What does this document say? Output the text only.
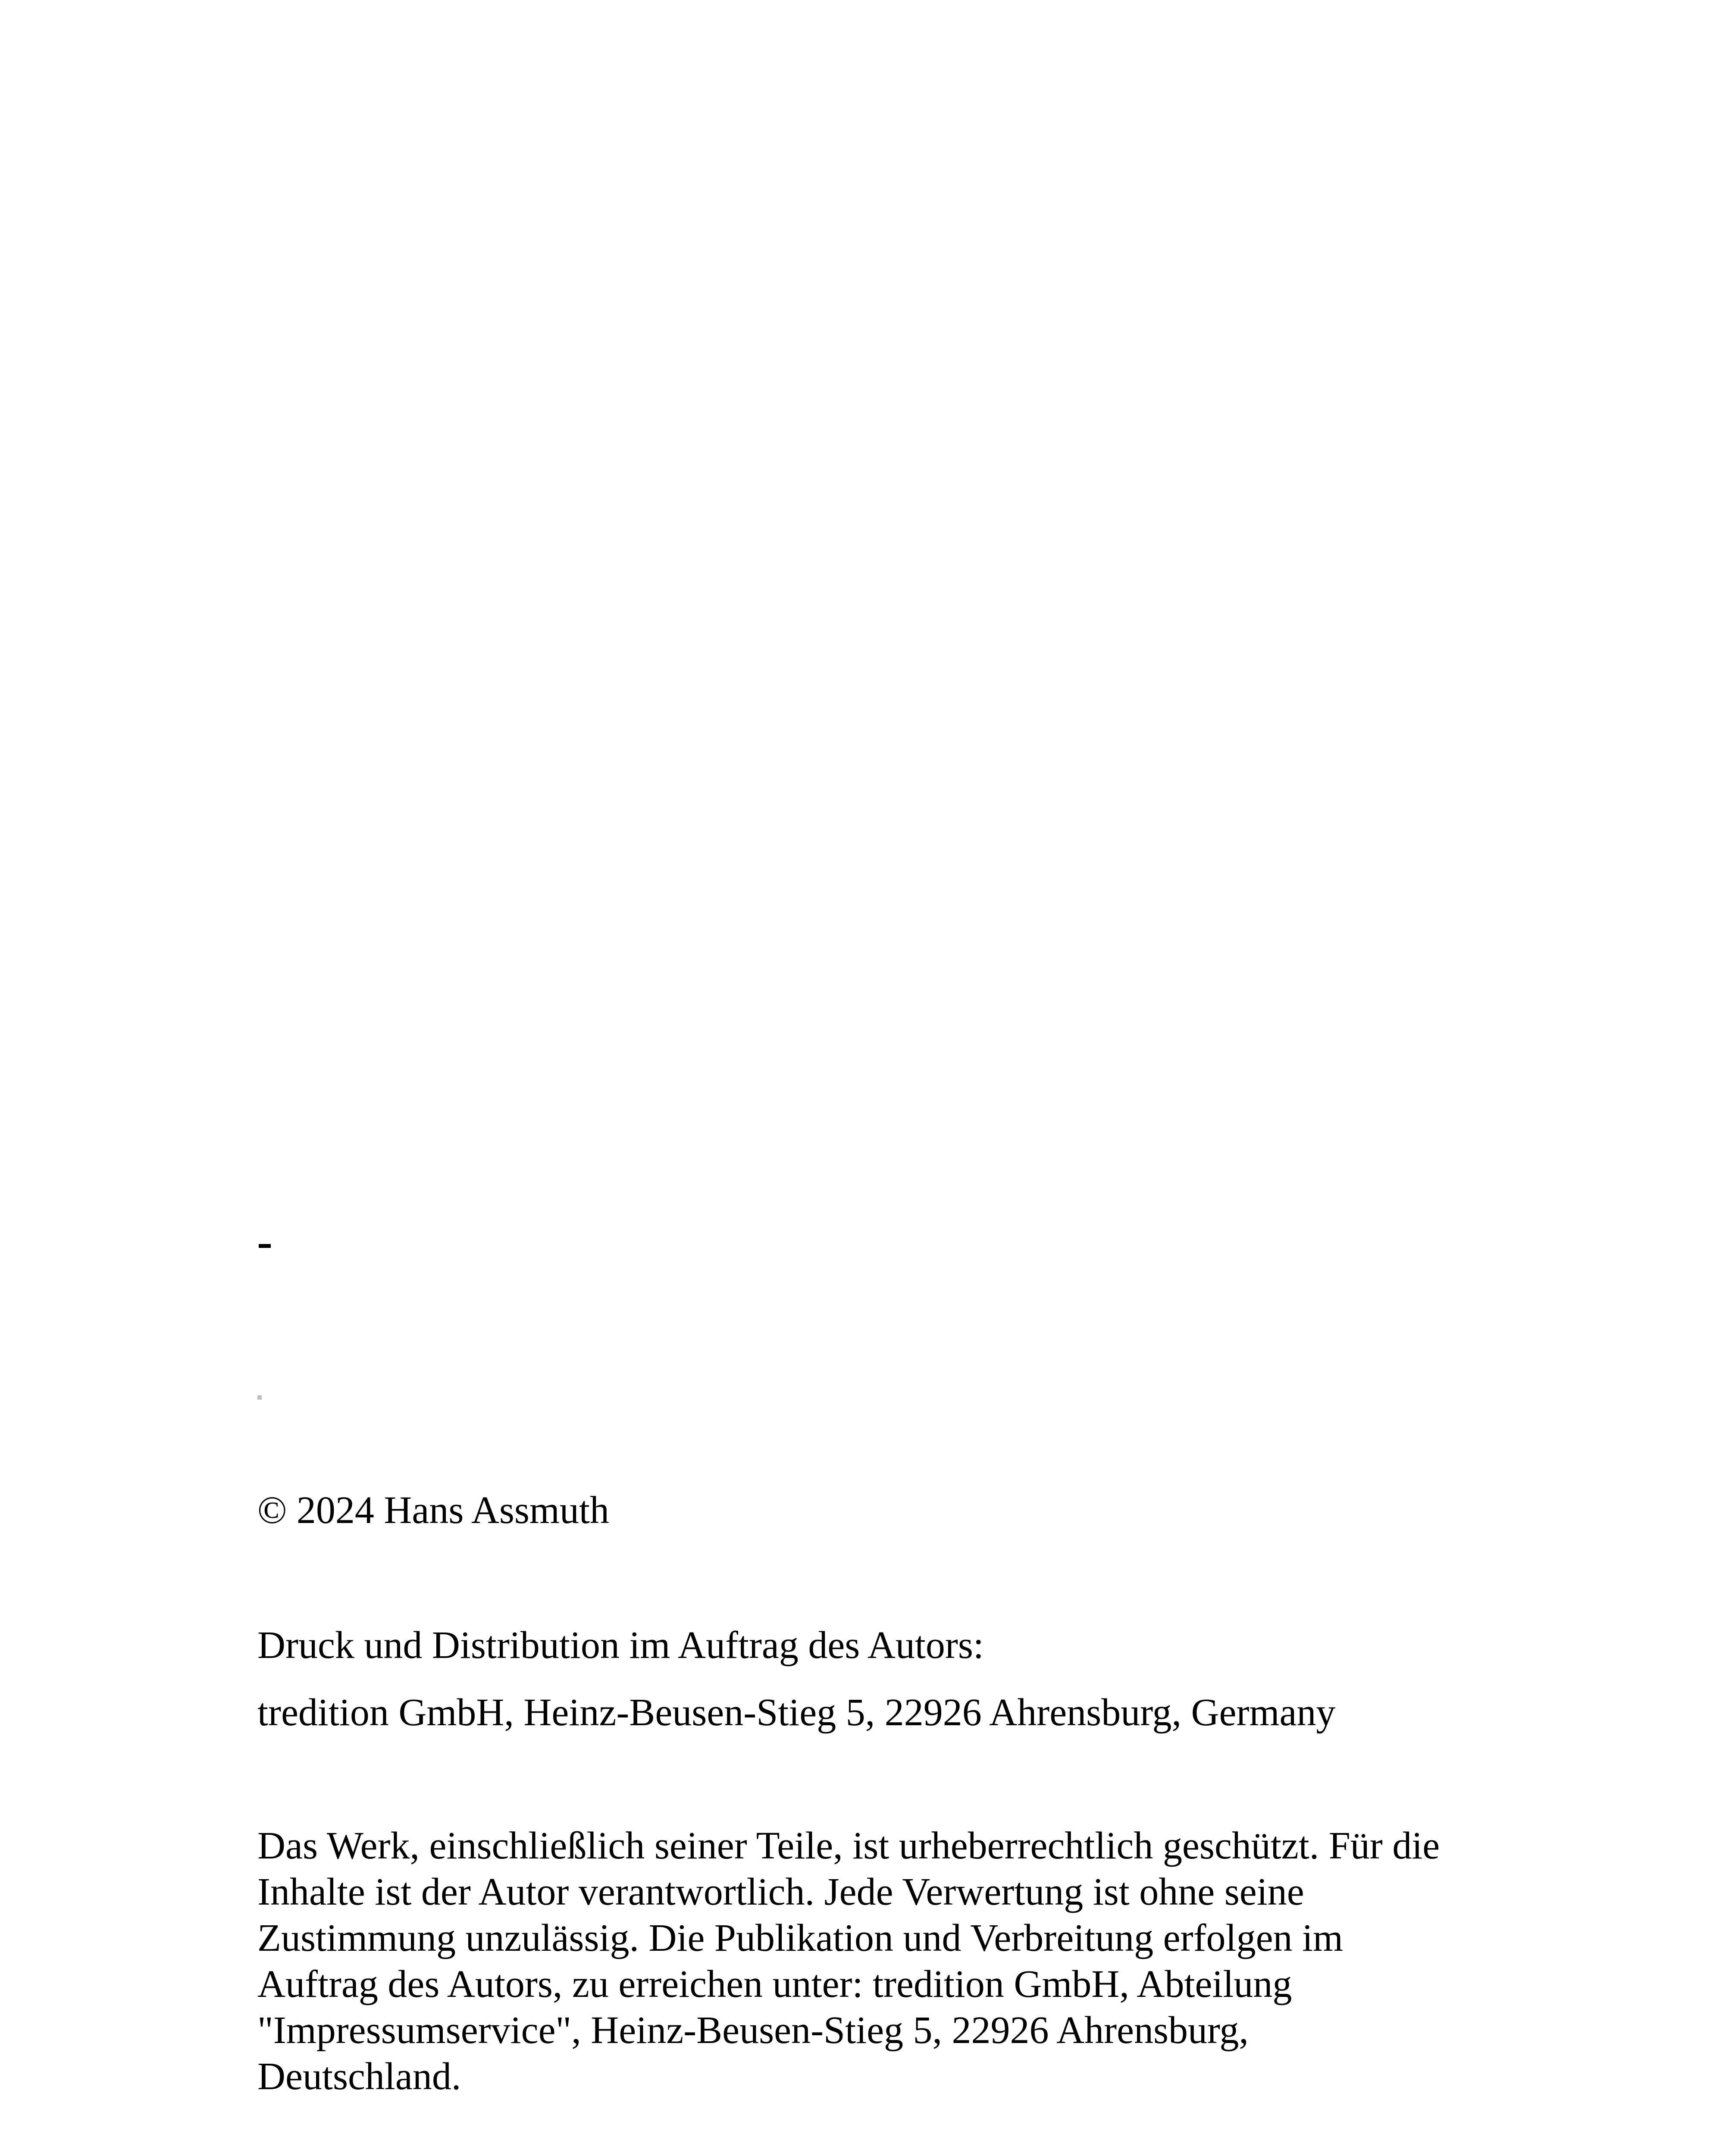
© 2024 Hans Assmuth

Druck und Distribution im Auftrag des Autors:

tredition GmbH, Heinz-Beusen-Stieg 5, 22926 Ahrensburg, Germany

Das Werk, einschließlich seiner Teile, ist urheberrechtlich geschützt. Für die
Inhalte ist der Autor verantwortlich. Jede Verwertung ist ohne seine
Zustimmung unzulässig. Die Publikation und Verbreitung erfolgen im
Auftrag des Autors, zu erreichen unter: tredition GmbH, Abteilung
"Impressumservice", Heinz-Beusen-Stieg 5, 22926 Ahrensburg,
Deutschland.
